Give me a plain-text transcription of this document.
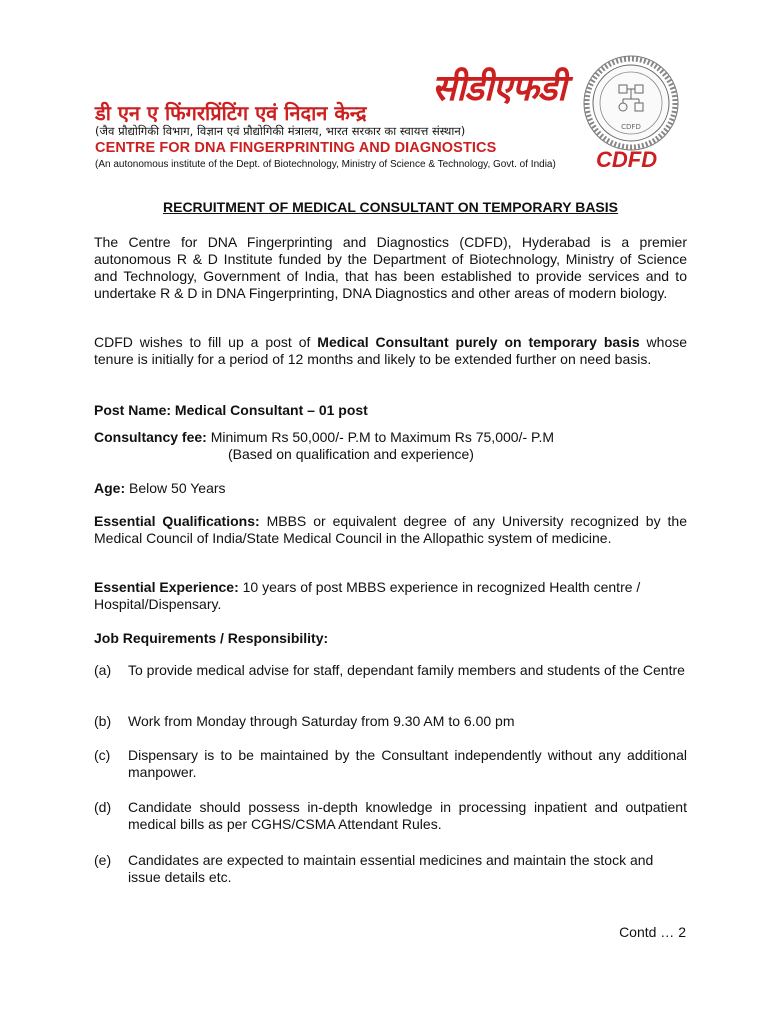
सीडीएफडी
डी एन ए फिंगरप्रिंटिंग एवं निदान केन्द्र
(जैव प्रौद्योगिकी विभाग, विज्ञान एवं प्रौद्योगिकी मंत्रालय, भारत सरकार का स्वायत्त संस्थान)
CENTRE FOR DNA FINGERPRINTING AND DIAGNOSTICS
(An autonomous institute of the Dept. of Biotechnology, Ministry of Science & Technology, Govt. of India) CDFD
CDFD
RECRUITMENT OF MEDICAL CONSULTANT ON TEMPORARY BASIS

The Centre for DNA Fingerprinting and Diagnostics (CDFD), Hyderabad is a premier autonomous R & D Institute funded by the Department of Biotechnology, Ministry of Science and Technology, Government of India, that has been established to provide services and to undertake R & D in DNA Fingerprinting, DNA Diagnostics and other areas of modern biology.

CDFD wishes to fill up a post of Medical Consultant purely on temporary basis whose tenure is initially for a period of 12 months and likely to be extended further on need basis.

Post Name: Medical Consultant – 01 post
Consultancy fee: Minimum Rs 50,000/- P.M to Maximum Rs 75,000/- P.M
(Based on qualification and experience)
Age: Below 50 Years

Essential Qualifications: MBBS or equivalent degree of any University recognized by the Medical Council of India/State Medical Council in the Allopathic system of medicine.

Essential Experience: 10 years of post MBBS experience in recognized Health centre / Hospital/Dispensary.

Job Requirements / Responsibility:
(a)	To provide medical advise for staff, dependant family members and students of the Centre
(b)	Work from Monday through Saturday from 9.30 AM to 6.00 pm
(c)	Dispensary is to be maintained by the Consultant independently without any additional manpower.
(d)	Candidate should possess in-depth knowledge in processing inpatient and outpatient medical bills as per CGHS/CSMA Attendant Rules.
(e)	Candidates are expected to maintain essential medicines and maintain the stock and issue details etc.
Contd … 2
